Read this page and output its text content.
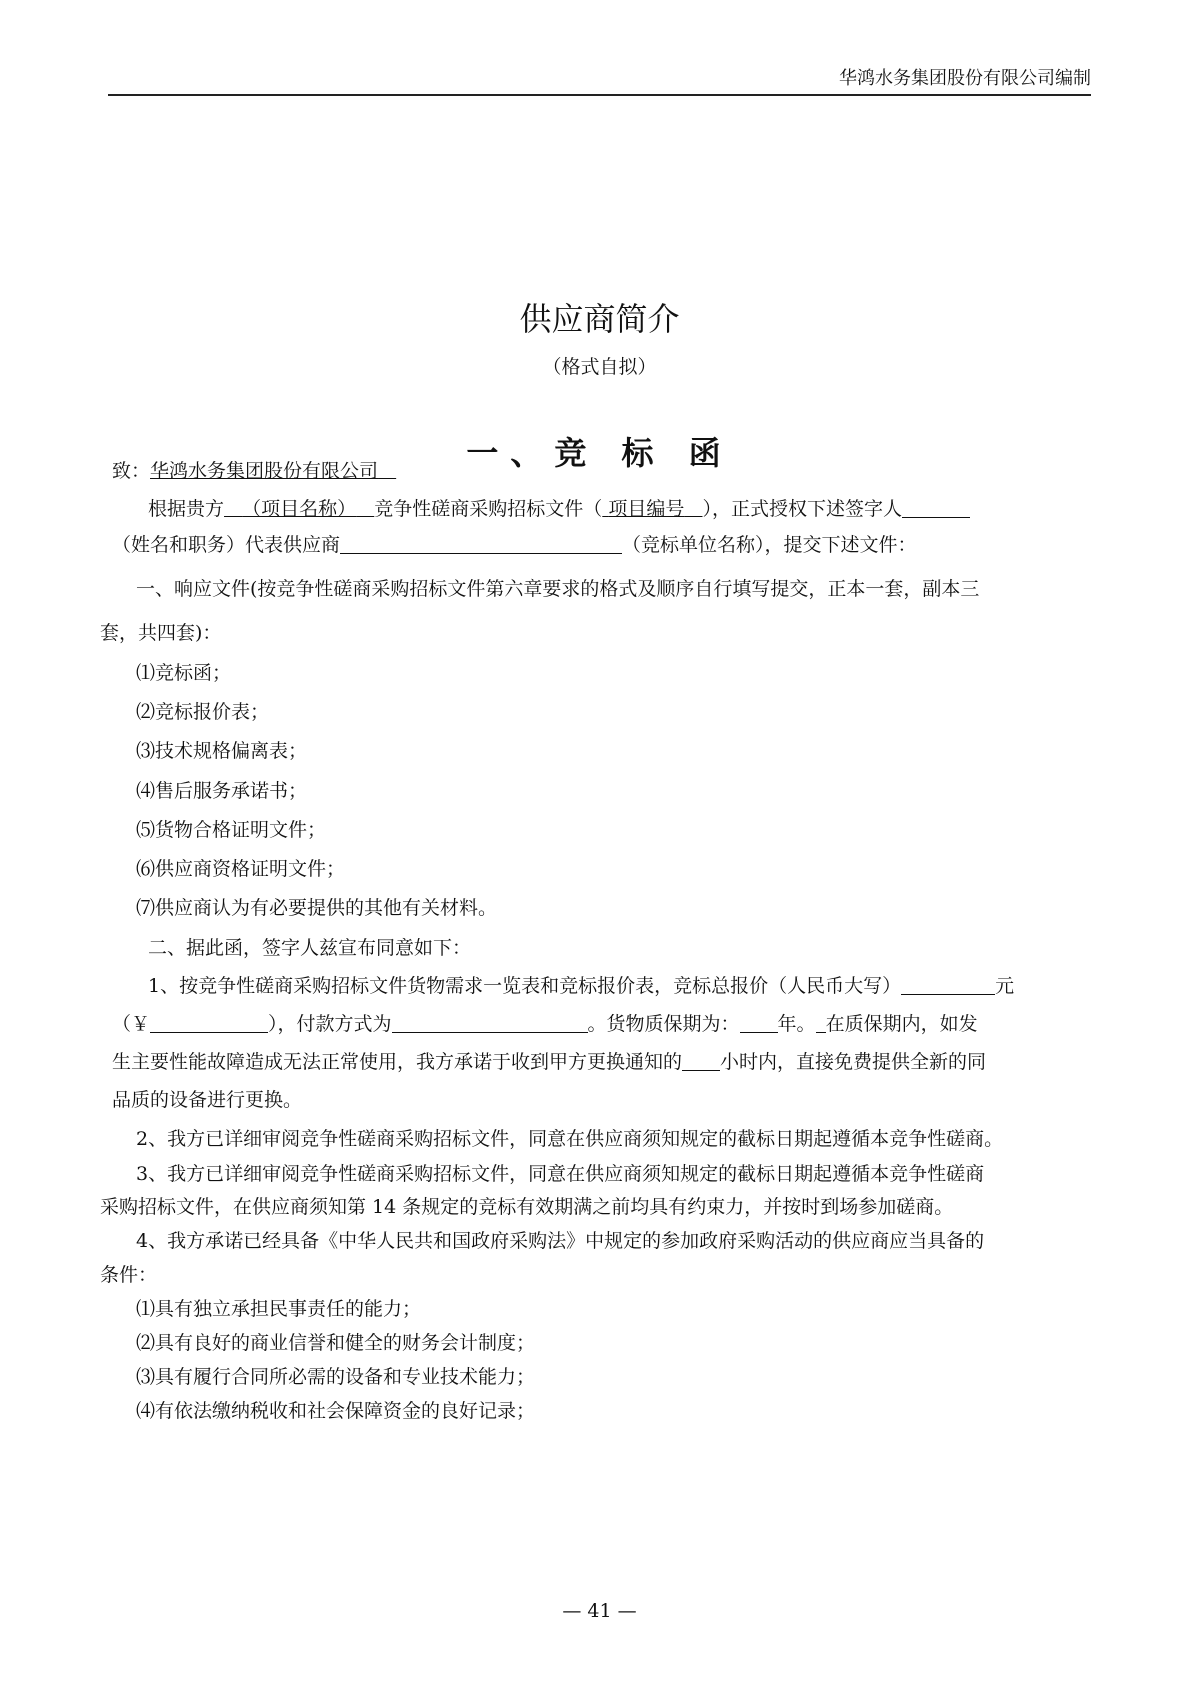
华鸿水务集团股份有限公司编制
供应商简介
（格式自拟）
一、竞 标 函
致：华鸿水务集团股份有限公司
根据贵方 （项目名称） 竞争性磋商采购招标文件（ 项目编号 ），正式授权下述签字人
（姓名和职务）代表供应商	（竞标单位名称），提交下述文件：
一、响应文件(按竞争性磋商采购招标文件第六章要求的格式及顺序自行填写提交，正本一套，副本三
套，共四套)：
⑴竞标函；
⑵竞标报价表；
⑶技术规格偏离表；
⑷售后服务承诺书；
⑸货物合格证明文件；
⑹供应商资格证明文件；
⑺供应商认为有必要提供的其他有关材料。
二、据此函，签字人兹宣布同意如下：
1、按竞争性磋商采购招标文件货物需求一览表和竞标报价表，竞标总报价（人民币大写）	元
（￥	），付款方式为	。货物质保期为： 年。 在质保期内，如发
生主要性能故障造成无法正常使用，我方承诺于收到甲方更换通知的 小时内，直接免费提供全新的同
品质的设备进行更换。
2、我方已详细审阅竞争性磋商采购招标文件，同意在供应商须知规定的截标日期起遵循本竞争性磋商。
3、我方已详细审阅竞争性磋商采购招标文件，同意在供应商须知规定的截标日期起遵循本竞争性磋商
采购招标文件，在供应商须知第 14 条规定的竞标有效期满之前均具有约束力，并按时到场参加磋商。
4、我方承诺已经具备《中华人民共和国政府采购法》中规定的参加政府采购活动的供应商应当具备的
条件：
⑴具有独立承担民事责任的能力；
⑵具有良好的商业信誉和健全的财务会计制度；
⑶具有履行合同所必需的设备和专业技术能力；
⑷有依法缴纳税收和社会保障资金的良好记录；
— 41 —
